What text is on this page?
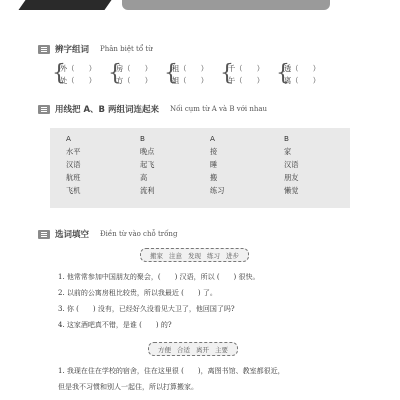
辨字组词 Phân biệt tổ từ
{
外（　　）
处（　　） {
房（　　）
方（　　） {
租（　　）
姐（　　） {
千（　　）
午（　　） {
透（　　）
离（　　）
用线把 A、B 两组词连起来 Nối cụm từ A và B với nhau
A
水平
汉语
航班
飞机
B
晚点
起飞
高
流利
A
接
睡
搬
练习
B
家
汉语
朋友
懒觉
选词填空 Điền từ vào chỗ trống
搬家 注意 发现 练习 进步
1. 他常常参加中国朋友的聚会，(　　) 汉语，所以 (　　) 很快。
2. 以前的公寓房租比较贵，所以我最近 (　　) 了。
3. 你 (　　) 没有，已经好久没看见大卫了，他回国了吗?
4. 这家酒吧真不错，是谁 (　　) 的?
方便 合适 离开 主要
1. 我现在住在学校的宿舍，住在这里很 (　　)，离图书馆、教室都很近，
但是我不习惯和别人一起住，所以打算搬家。
